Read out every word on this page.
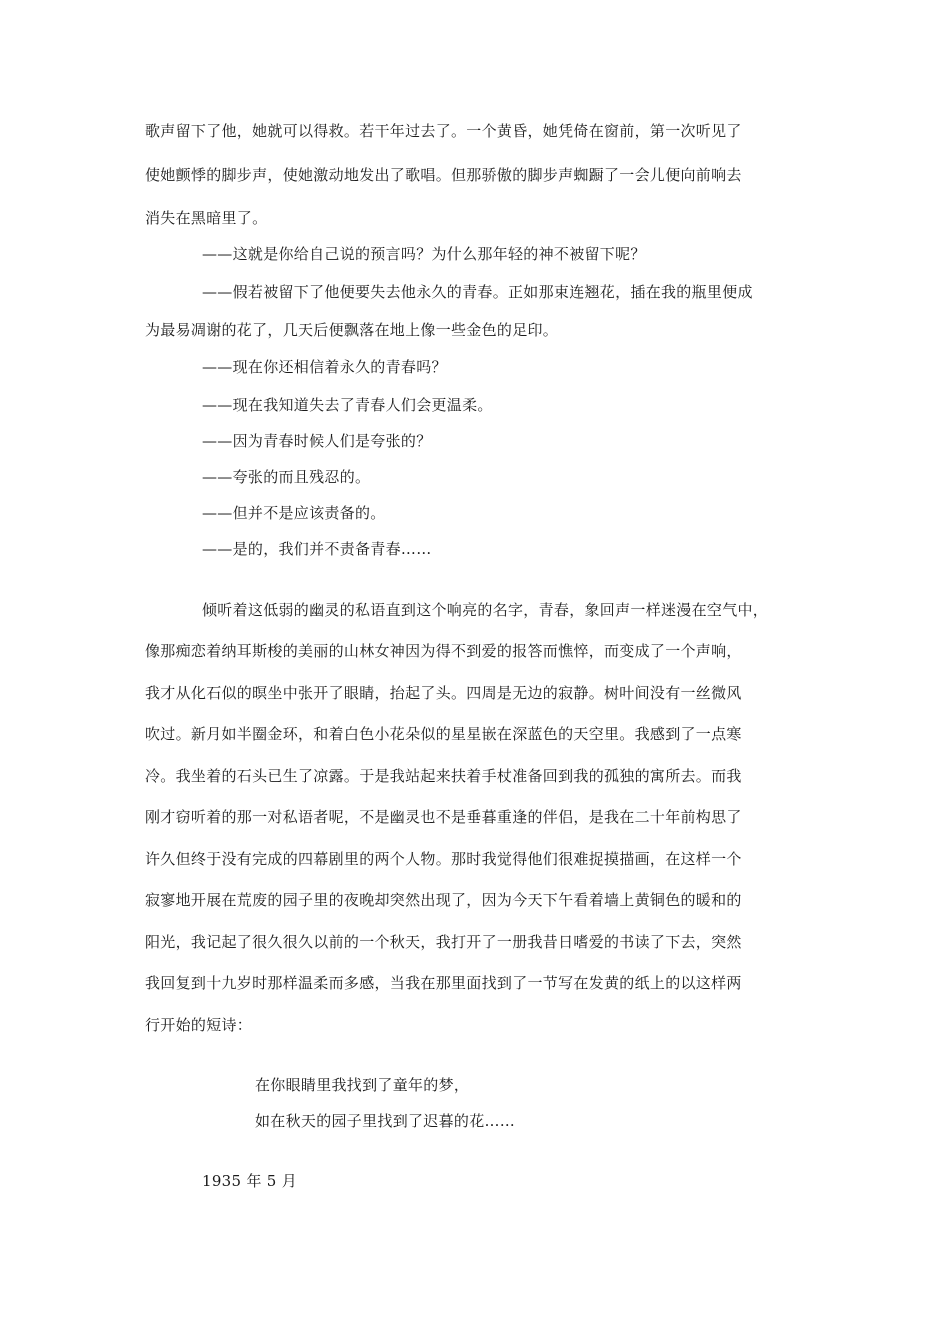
歌声留下了他，她就可以得救。若干年过去了。一个黄昏，她凭倚在窗前，第一次听见了
使她颤悸的脚步声，使她激动地发出了歌唱。但那骄傲的脚步声蜘蹰了一会儿便向前响去
消失在黑暗里了。
——这就是你给自己说的预言吗？为什么那年轻的神不被留下呢？
——假若被留下了他便要失去他永久的青春。正如那束连翘花，插在我的瓶里便成
为最易凋谢的花了，几天后便飘落在地上像一些金色的足印。
——现在你还相信着永久的青春吗？
——现在我知道失去了青春人们会更温柔。
——因为青春时候人们是夸张的？
——夸张的而且残忍的。
——但并不是应该责备的。
——是的，我们并不责备青春……
倾听着这低弱的幽灵的私语直到这个响亮的名字，青春，象回声一样迷漫在空气中，
像那痴恋着纳耳斯梭的美丽的山林女神因为得不到爱的报答而憔悴，而变成了一个声响，
我才从化石似的暝坐中张开了眼睛，抬起了头。四周是无边的寂静。树叶间没有一丝微风
吹过。新月如半圈金环，和着白色小花朵似的星星嵌在深蓝色的天空里。我感到了一点寒
冷。我坐着的石头已生了凉露。于是我站起来扶着手杖准备回到我的孤独的寓所去。而我
刚才窃听着的那一对私语者呢，不是幽灵也不是垂暮重逢的伴侣，是我在二十年前构思了
许久但终于没有完成的四幕剧里的两个人物。那时我觉得他们很难捉摸描画，在这样一个
寂寥地开展在荒废的园子里的夜晚却突然出现了，因为今天下午看着墙上黄铜色的暖和的
阳光，我记起了很久很久以前的一个秋天，我打开了一册我昔日嗜爱的书读了下去，突然
我回复到十九岁时那样温柔而多感，当我在那里面找到了一节写在发黄的纸上的以这样两
行开始的短诗：
在你眼睛里我找到了童年的梦，
如在秋天的园子里找到了迟暮的花……
1935 年 5 月
